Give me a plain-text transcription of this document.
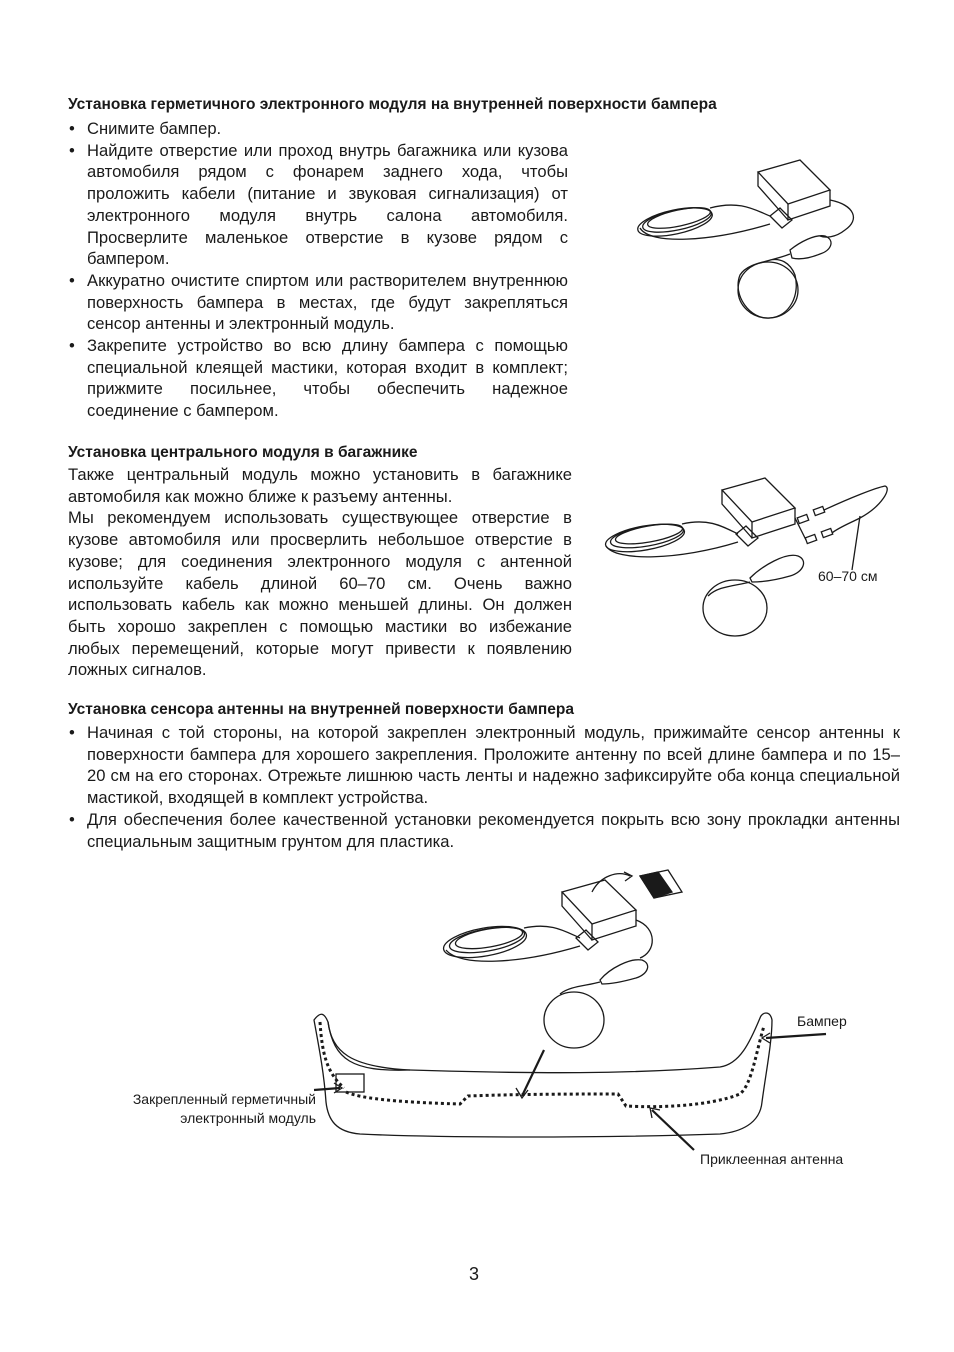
Установка герметичного электронного модуля на внутренней поверхности бампера
• Снимите бампер.
• Найдите отверстие или проход внутрь багажника или кузова автомобиля рядом с фонарем заднего хода, чтобы проложить кабели (питание и звуковая сигнализация) от электронного модуля внутрь салона автомобиля. Просверлите маленькое отверстие в кузове рядом с бампером.
• Аккуратно очистите спиртом или растворителем внутреннюю поверхность бампера в местах, где будут закрепляться сенсор антенны и электронный модуль.
• Закрепите устройство во всю длину бампера с помощью специальной клеящей мастики, которая входит в комплект; прижмите посильнее, чтобы обеспечить надежное соединение с бампером.
Установка центрального модуля в багажнике
Также центральный модуль можно установить в багажнике автомобиля как можно ближе к разъему антенны.
Мы рекомендуем использовать существующее отверстие в кузове автомобиля или просверлить небольшое отверстие в кузове; для соединения электронного модуля с антенной используйте кабель длиной 60–70 см. Очень важно использовать кабель как можно меньшей длины. Он должен быть хорошо закреплен с помощью мастики во избежание любых перемещений, которые могут привести к появлению ложных сигналов.
60–70 см
Установка сенсора антенны на внутренней поверхности бампера
• Начиная с той стороны, на которой закреплен электронный модуль, прижимайте сенсор антенны к поверхности бампера для хорошего закрепления. Проложите антенну по всей длине бампера и по 15–20 см на его сторонах. Отрежьте лишнюю часть ленты и надежно зафиксируйте оба конца специальной мастикой, входящей в комплект устройства.
• Для обеспечения более качественной установки рекомендуется покрыть всю зону прокладки антенны специальным защитным грунтом для пластика.
Бампер
Закрепленный герметичный
электронный модуль
Приклеенная антенна
3
